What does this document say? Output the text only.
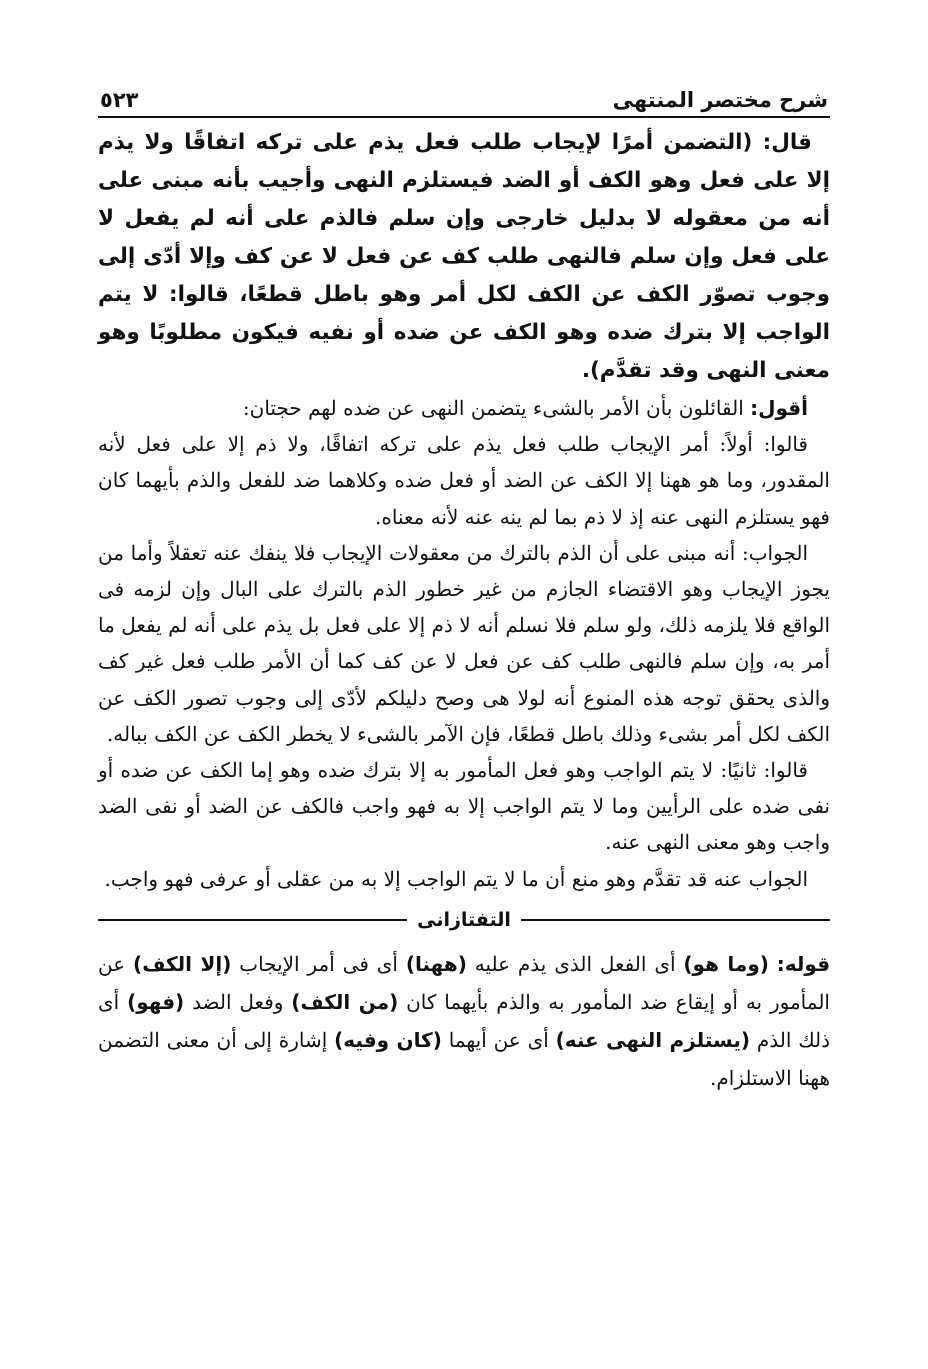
شرح مختصر المنتهى
٥٢٣

قال: (التضمن أمرًا لإيجاب طلب فعل يذم على تركه اتفاقًا ولا يذم إلا على فعل وهو الكف أو الضد فيستلزم النهى وأجيب بأنه مبنى على أنه من معقوله لا بدليل خارجى وإن سلم فالذم على أنه لم يفعل لا على فعل وإن سلم فالنهى طلب كف عن فعل لا عن كف وإلا أدّى إلى وجوب تصوّر الكف عن الكف لكل أمر وهو باطل قطعًا، قالوا: لا يتم الواجب إلا بترك ضده وهو الكف عن ضده أو نفيه فيكون مطلوبًا وهو معنى النهى وقد تقدَّم).

أقول: القائلون بأن الأمر بالشىء يتضمن النهى عن ضده لهم حجتان:

قالوا: أولاً: أمر الإيجاب طلب فعل يذم على تركه اتفاقًا، ولا ذم إلا على فعل لأنه المقدور، وما هو ههنا إلا الكف عن الضد أو فعل ضده وكلاهما ضد للفعل والذم بأيهما كان فهو يستلزم النهى عنه إذ لا ذم بما لم ينه عنه لأنه معناه.

الجواب: أنه مبنى على أن الذم بالترك من معقولات الإيجاب فلا ينفك عنه تعقلاً وأما من يجوز الإيجاب وهو الاقتضاء الجازم من غير خطور الذم بالترك على البال وإن لزمه فى الواقع فلا يلزمه ذلك، ولو سلم فلا نسلم أنه لا ذم إلا على فعل بل يذم على أنه لم يفعل ما أمر به، وإن سلم فالنهى طلب كف عن فعل لا عن كف كما أن الأمر طلب فعل غير كف والذى يحقق توجه هذه المنوع أنه لولا هى وصح دليلكم لأدّى إلى وجوب تصور الكف عن الكف لكل أمر بشىء وذلك باطل قطعًا، فإن الآمر بالشىء لا يخطر الكف عن الكف بباله.

قالوا: ثانيًا: لا يتم الواجب وهو فعل المأمور به إلا بترك ضده وهو إما الكف عن ضده أو نفى ضده على الرأيين وما لا يتم الواجب إلا به فهو واجب فالكف عن الضد أو نفى الضد واجب وهو معنى النهى عنه.

الجواب عنه قد تقدَّم وهو منع أن ما لا يتم الواجب إلا به من عقلى أو عرفى فهو واجب.

التفتازانى

قوله: (وما هو) أى الفعل الذى يذم عليه (ههنا) أى فى أمر الإيجاب (إلا الكف) عن المأمور به أو إيقاع ضد المأمور به والذم بأيهما كان (من الكف) وفعل الضد (فهو) أى ذلك الذم (يستلزم النهى عنه) أى عن أيهما (كان وفيه) إشارة إلى أن معنى التضمن ههنا الاستلزام.
